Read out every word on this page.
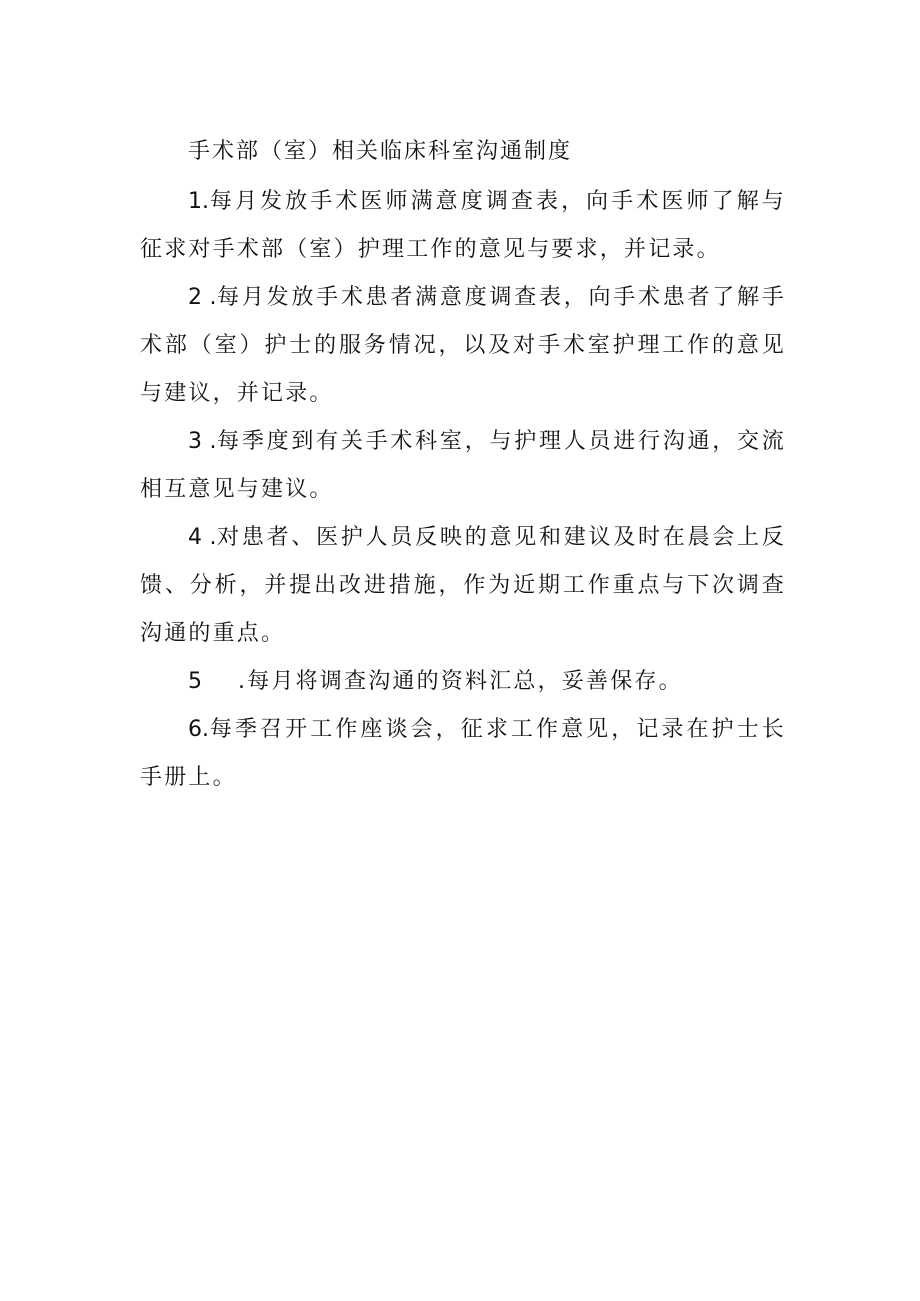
手术部（室）相关临床科室沟通制度

1.每月发放手术医师满意度调查表，向手术医师了解与征求对手术部（室）护理工作的意见与要求，并记录。

2 .每月发放手术患者满意度调查表，向手术患者了解手术部（室）护士的服务情况，以及对手术室护理工作的意见与建议，并记录。

3 .每季度到有关手术科室，与护理人员进行沟通，交流相互意见与建议。

4 .对患者、医护人员反映的意见和建议及时在晨会上反馈、分析，并提出改进措施，作为近期工作重点与下次调查沟通的重点。

5 .每月将调查沟通的资料汇总，妥善保存。

6.每季召开工作座谈会，征求工作意见，记录在护士长手册上。
